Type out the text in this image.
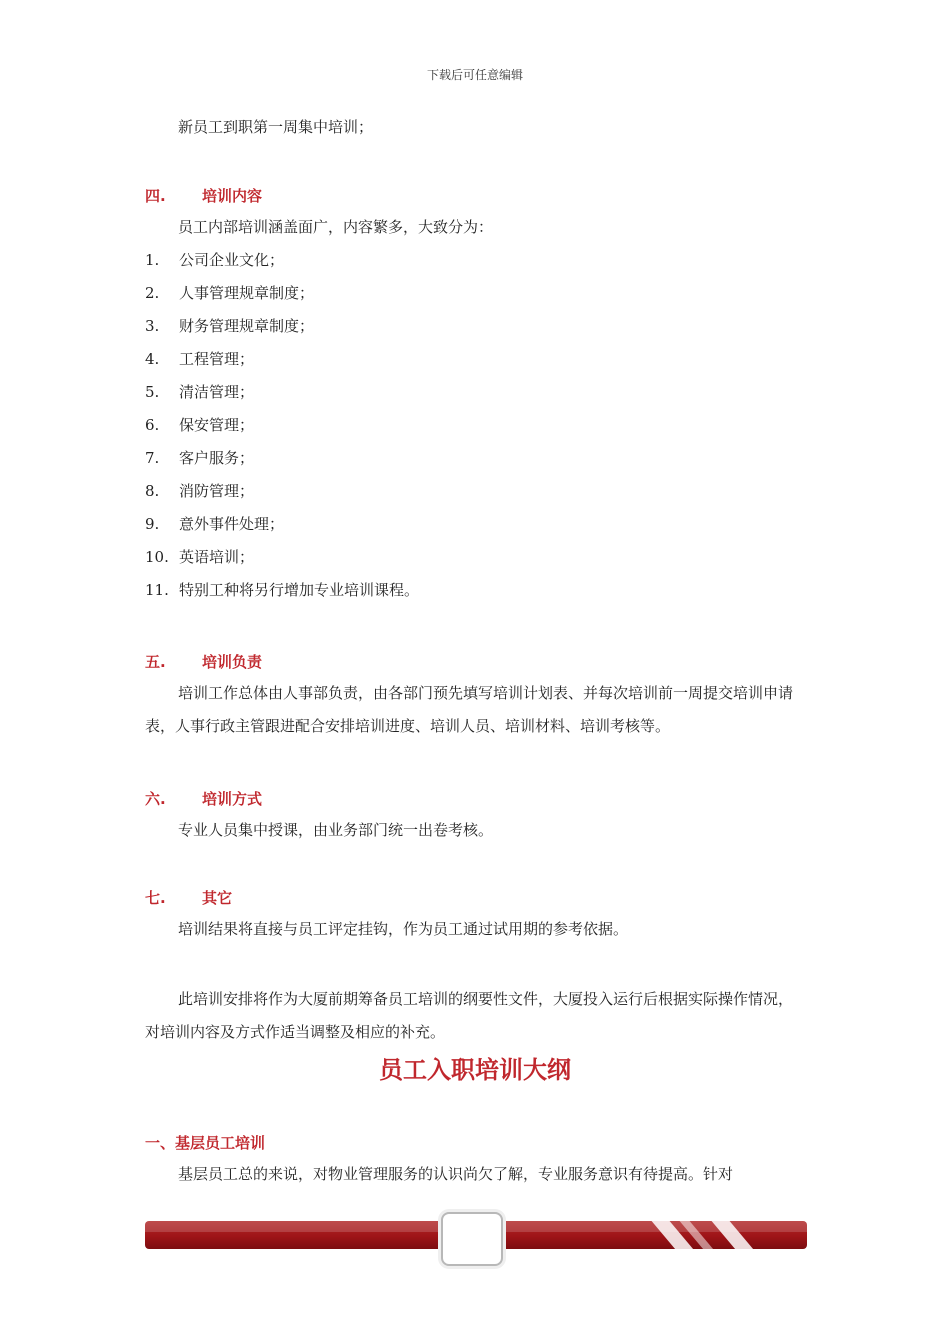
下载后可任意编辑
新员工到职第一周集中培训；
四. 培训内容
员工内部培训涵盖面广，内容繁多，大致分为：
1. 公司企业文化；
2. 人事管理规章制度；
3. 财务管理规章制度；
4. 工程管理；
5. 清洁管理；
6. 保安管理；
7. 客户服务；
8. 消防管理；
9. 意外事件处理；
10. 英语培训；
11. 特别工种将另行增加专业培训课程。
五. 培训负责
培训工作总体由人事部负责，由各部门预先填写培训计划表、并每次培训前一周提交培训申请表，人事行政主管跟进配合安排培训进度、培训人员、培训材料、培训考核等。
六. 培训方式
专业人员集中授课，由业务部门统一出卷考核。
七. 其它
培训结果将直接与员工评定挂钩，作为员工通过试用期的参考依据。
此培训安排将作为大厦前期筹备员工培训的纲要性文件，大厦投入运行后根据实际操作情况，对培训内容及方式作适当调整及相应的补充。
员工入职培训大纲
一、基层员工培训
基层员工总的来说，对物业管理服务的认识尚欠了解，专业服务意识有待提高。针对
